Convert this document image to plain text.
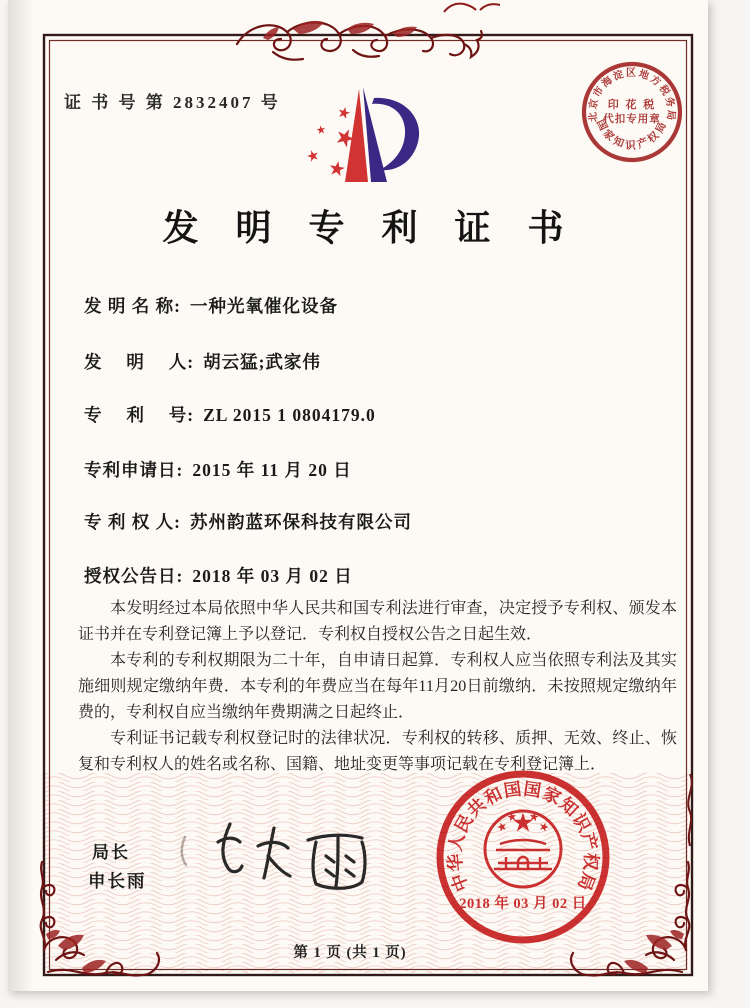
证 书 号 第 2832407 号
发 明 专 利 证 书
发 明 名 称: 一种光氧催化设备
发　 明　 人: 胡云猛;武家伟
专　 利　 号: ZL 2015 1 0804179.0
专利申请日: 2015 年 11 月 20 日
专 利 权 人: 苏州韵蓝环保科技有限公司
授权公告日: 2018 年 03 月 02 日

本发明经过本局依照中华人民共和国专利法进行审查，决定授予专利权、颁发本证书并在专利登记簿上予以登记．专利权自授权公告之日起生效．

本专利的专利权期限为二十年，自申请日起算．专利权人应当依照专利法及其实施细则规定缴纳年费．本专利的年费应当在每年11月20日前缴纳．未按照规定缴纳年费的，专利权自应当缴纳年费期满之日起终止．

专利证书记载专利权登记时的法律状况．专利权的转移、质押、无效、终止、恢复和专利权人的姓名或名称、国籍、地址变更等事项记载在专利登记簿上．

局长
申长雨	中华人民共和国国家知识产权局
2018 年 03 月 02 日
北京市海淀区地方税务局
印 花 税
代扣专用章
国家知识产权局
第 1 页 (共 1 页)
